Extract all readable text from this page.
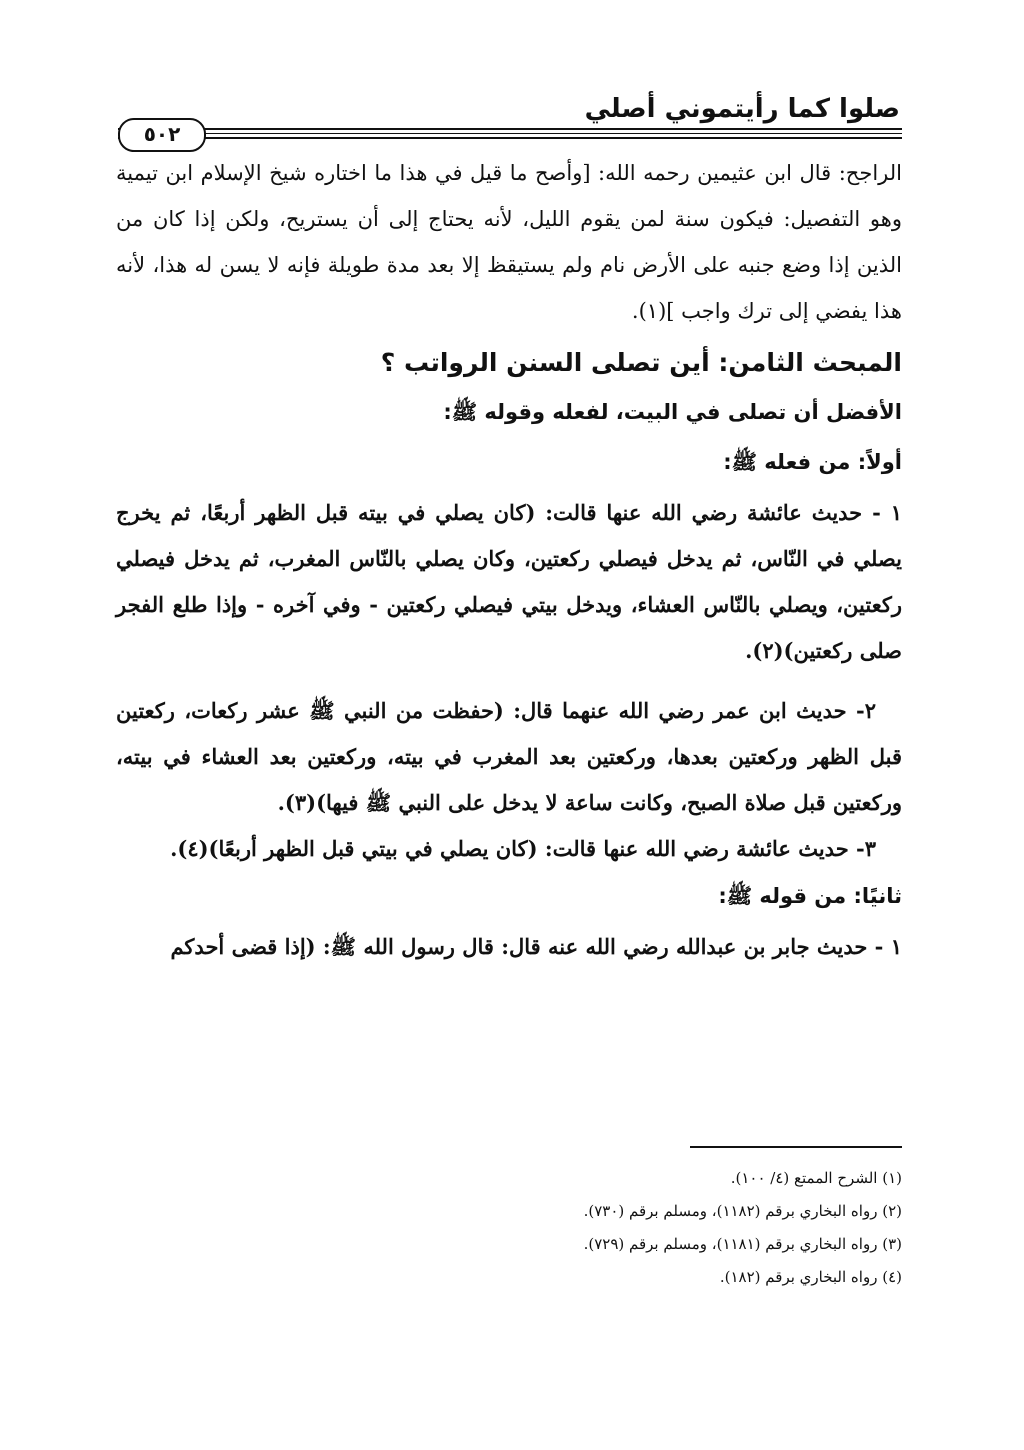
صلوا كما رأيتموني أصلي
٥٠٢

الراجح: قال ابن عثيمين رحمه الله: [وأصح ما قيل في هذا ما اختاره شيخ الإسلام ابن تيمية وهو التفصيل: فيكون سنة لمن يقوم الليل، لأنه يحتاج إلى أن يستريح، ولكن إذا كان من الذين إذا وضع جنبه على الأرض نام ولم يستيقظ إلا بعد مدة طويلة فإنه لا يسن له هذا، لأنه هذا يفضي إلى ترك واجب ](١).

المبحث الثامن: أين تصلى السنن الرواتب ؟
الأفضل أن تصلى في البيت، لفعله وقوله ﷺ:
أولاً: من فعله ﷺ:

١ - حديث عائشة رضي الله عنها قالت: (كان يصلي في بيته قبل الظهر أربعًا، ثم يخرج يصلي في النّاس، ثم يدخل فيصلي ركعتين، وكان يصلي بالنّاس المغرب، ثم يدخل فيصلي ركعتين، ويصلي بالنّاس العشاء، ويدخل بيتي فيصلي ركعتين - وفي آخره - وإذا طلع الفجر صلى ركعتين)(٢).

٢- حديث ابن عمر رضي الله عنهما قال: (حفظت من النبي ﷺ عشر ركعات، ركعتين قبل الظهر وركعتين بعدها، وركعتين بعد المغرب في بيته، وركعتين بعد العشاء في بيته، وركعتين قبل صلاة الصبح، وكانت ساعة لا يدخل على النبي ﷺ فيها)(٣).

٣- حديث عائشة رضي الله عنها قالت: (كان يصلي في بيتي قبل الظهر أربعًا)(٤).

ثانيًا: من قوله ﷺ:

١ - حديث جابر بن عبدالله رضي الله عنه قال: قال رسول الله ﷺ: (إذا قضى أحدكم

(١) الشرح الممتع (٤/ ١٠٠).

(٢) رواه البخاري برقم (١١٨٢)، ومسلم برقم (٧٣٠).

(٣) رواه البخاري برقم (١١٨١)، ومسلم برقم (٧٢٩).

(٤) رواه البخاري برقم (١٨٢).
